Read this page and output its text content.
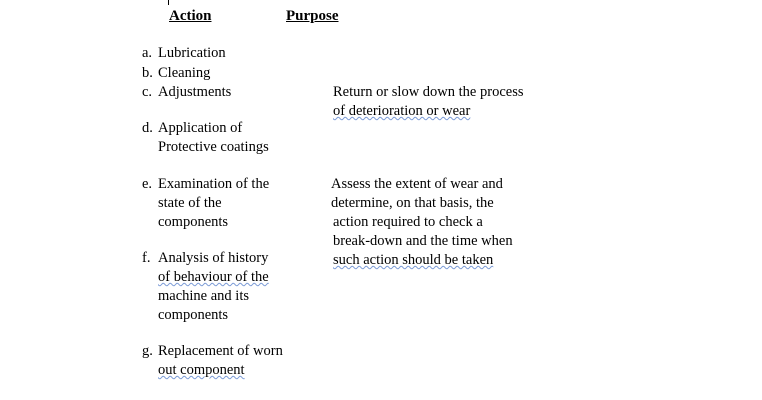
Action	Purpose
a. Lubrication
b. Cleaning
c. Adjustments
d. Application of
Protective coatings
e. Examination of the
state of the
components
f. Analysis of history
of behaviour of the
machine and its
components
g. Replacement of worn
out component
Return or slow down the process
of deterioration or wear
Assess the extent of wear and
determine, on that basis, the
action required to check a
break-down and the time when
such action should be taken
